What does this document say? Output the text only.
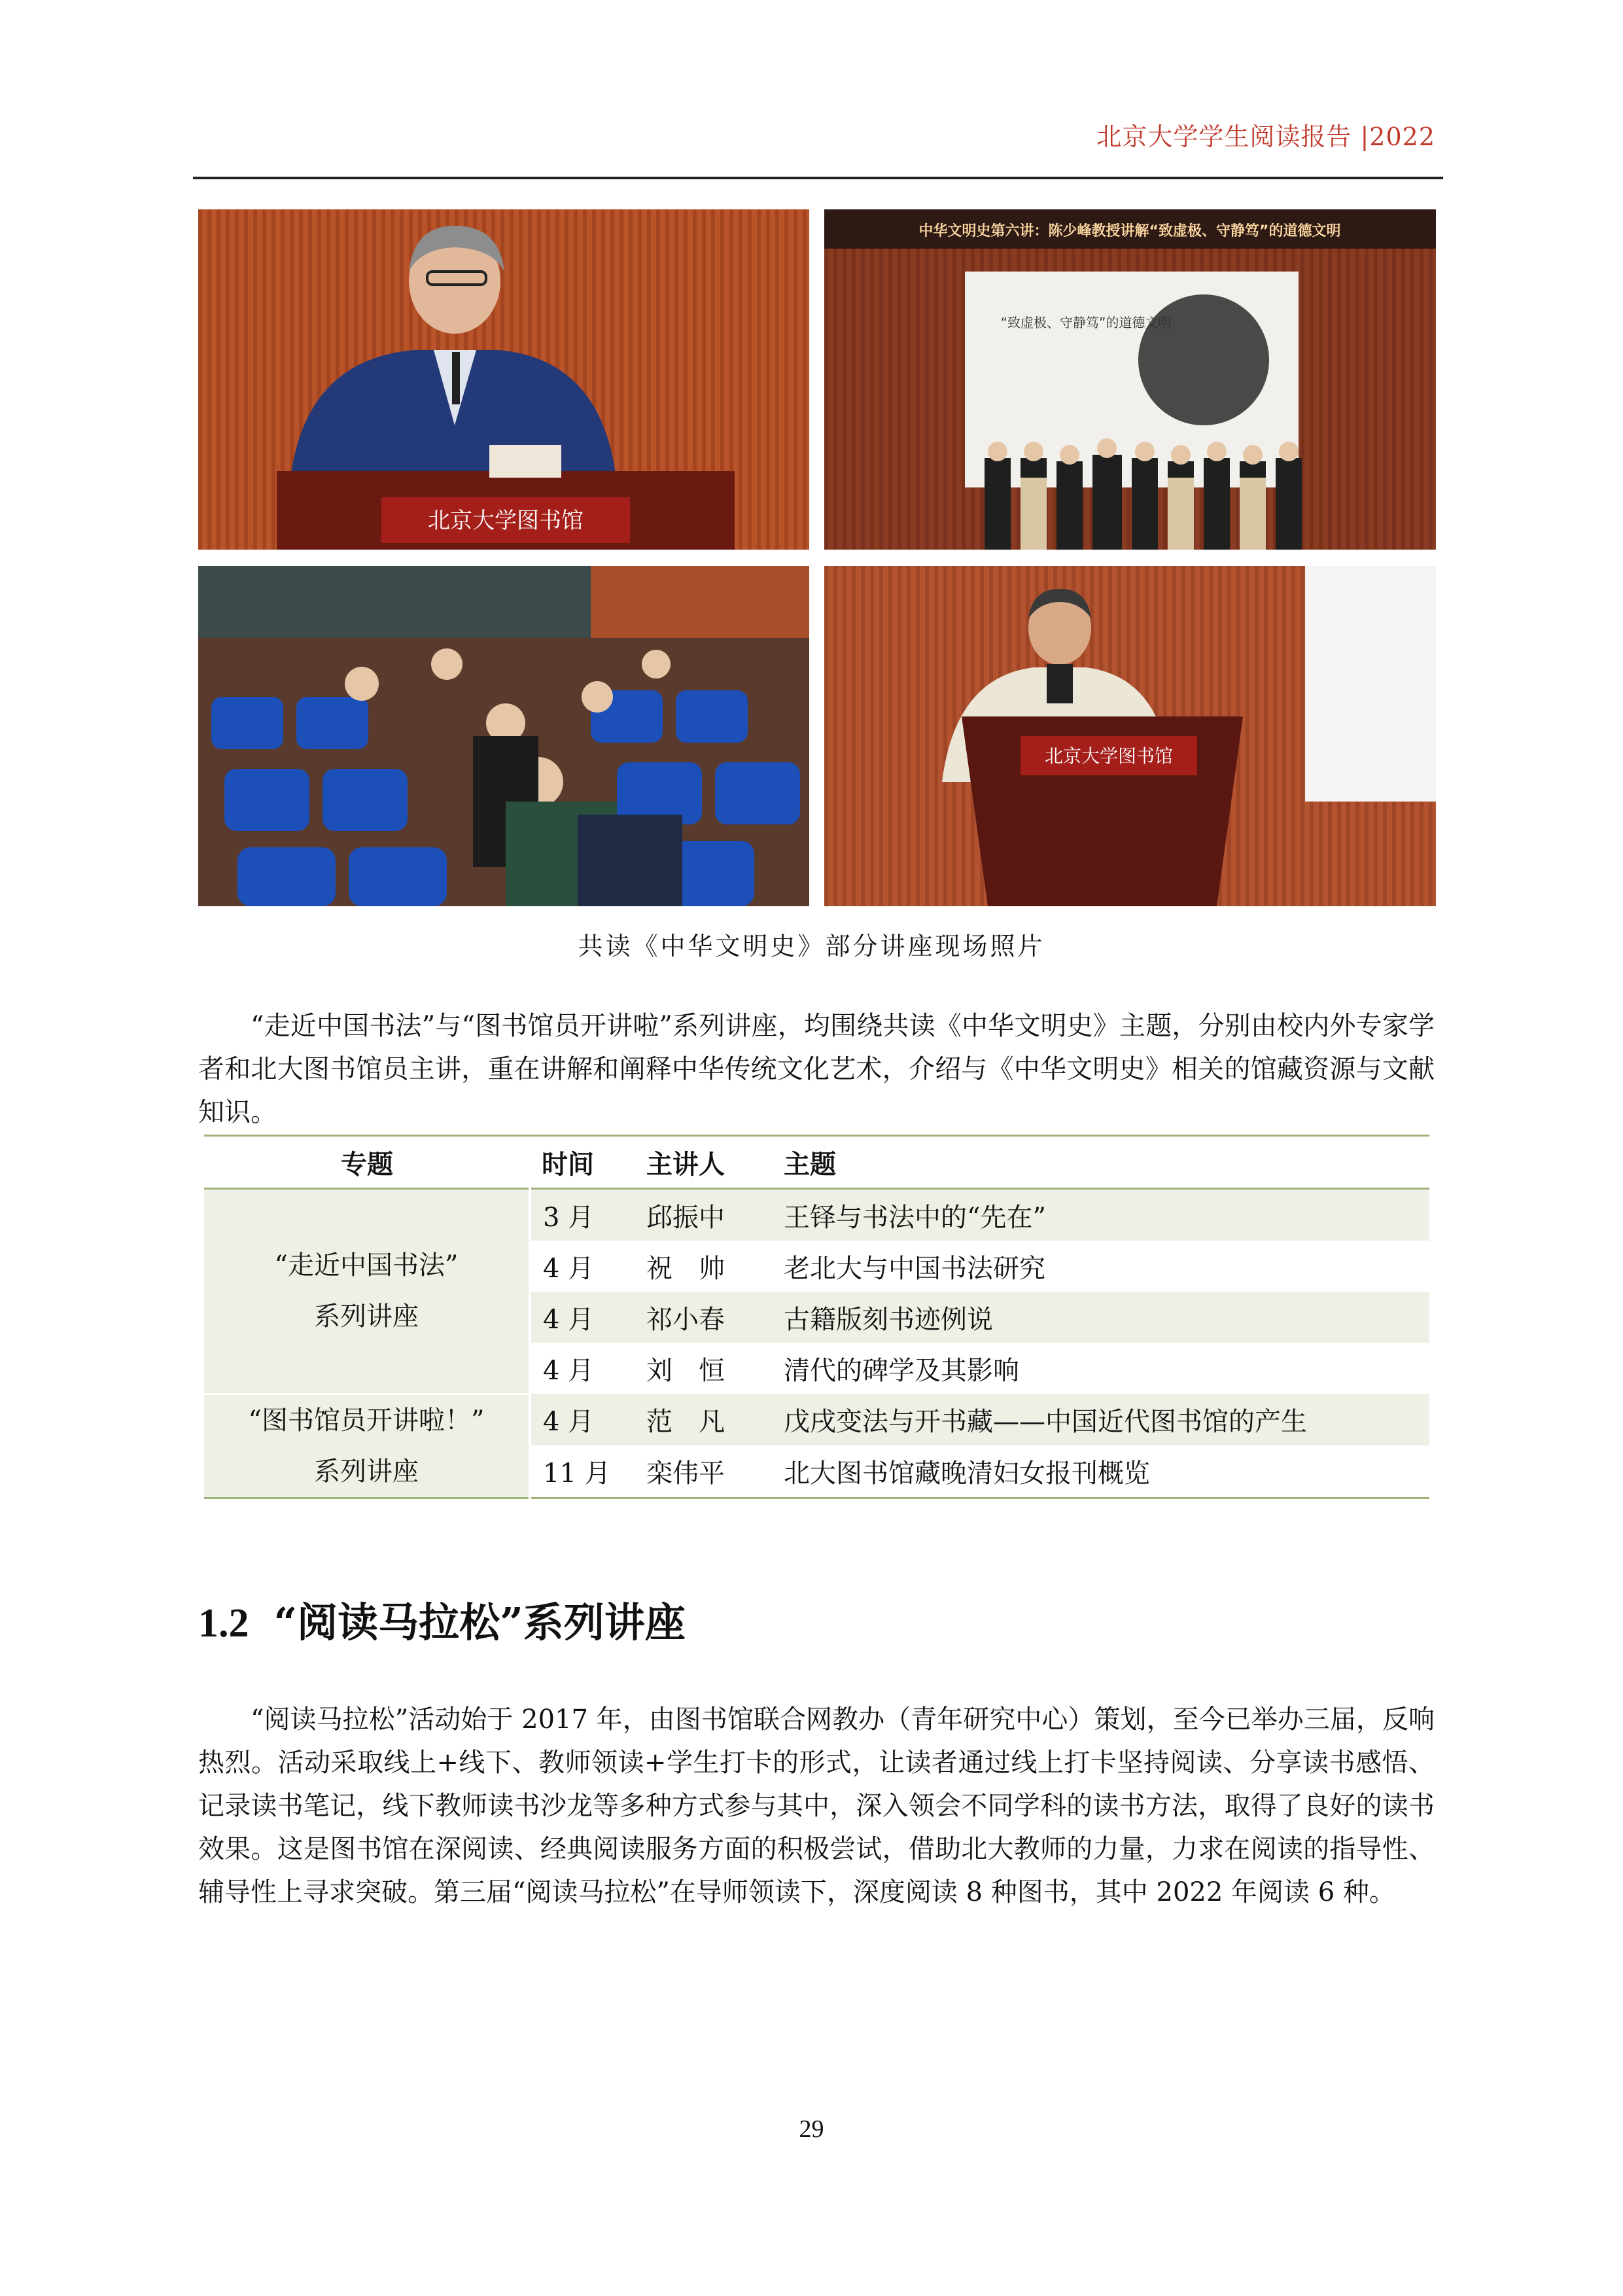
北京大学学生阅读报告 |2022
北京大学图书馆
中华文明史第六讲：陈少峰教授讲解“致虚极、守静笃”的道德文明
“致虚极、守静笃”的道德文明
北京大学图书馆
共读《中华文明史》部分讲座现场照片
“走近中国书法”与“图书馆员开讲啦”系列讲座，均围绕共读《中华文明史》主题，分别由校内外专家学者和北大图书馆员主讲，重在讲解和阐释中华传统文化艺术，介绍与《中华文明史》相关的馆藏资源与文献知识。
专题	时间	主讲人	主题

“走近中国书法”
系列讲座	3 月	邱振中	王铎与书法中的“先在”
	4 月	祝　帅	老北大与中国书法研究
	4 月	祁小春	古籍版刻书迹例说
	4 月	刘　恒	清代的碑学及其影响

“图书馆员开讲啦！”
系列讲座	4 月	范　凡	戊戌变法与开书藏——中国近代图书馆的产生
	11 月	栾伟平	北大图书馆藏晚清妇女报刊概览
1.2 “阅读马拉松”系列讲座
“阅读马拉松”活动始于 2017 年，由图书馆联合网教办（青年研究中心）策划，至今已举办三届，反响热烈。活动采取线上+线下、教师领读+学生打卡的形式，让读者通过线上打卡坚持阅读、分享读书感悟、记录读书笔记，线下教师读书沙龙等多种方式参与其中，深入领会不同学科的读书方法，取得了良好的读书效果。这是图书馆在深阅读、经典阅读服务方面的积极尝试，借助北大教师的力量，力求在阅读的指导性、辅导性上寻求突破。第三届“阅读马拉松”在导师领读下，深度阅读 8 种图书，其中 2022 年阅读 6 种。
29
